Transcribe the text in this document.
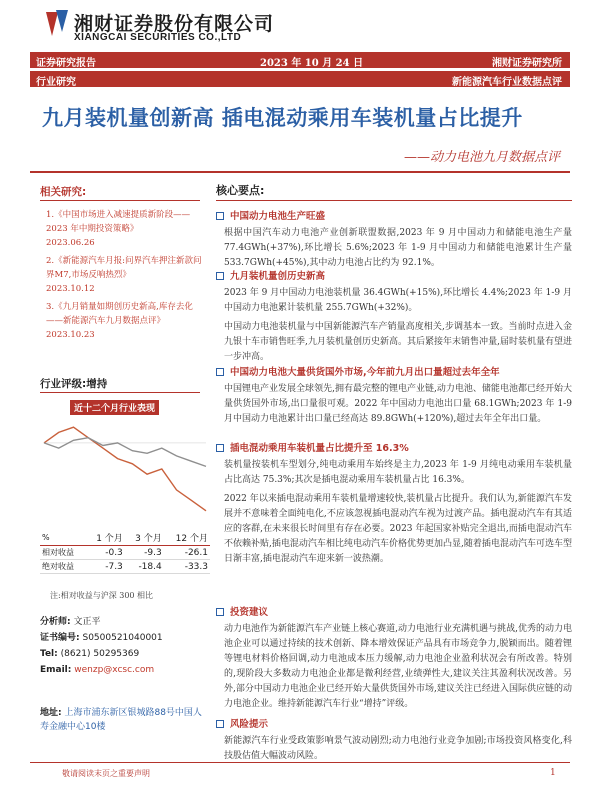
湘财证券股份有限公司
XIANGCAI SECURITIES CO.,LTD
证券研究报告	2023 年 10 月 24 日	湘财证券研究所
行业研究	新能源汽车行业数据点评
九月装机量创新高 插电混动乘用车装机量占比提升
——动力电池九月数据点评
相关研究:
1.《中国市场进入减速提质新阶段——2023 年中期投资策略》
2023.06.26
2.《新能源汽车月报:问界汽车押注新款问界M7,市场反响热烈》
2023.10.12
3.《九月销量如期创历史新高,库存去化——新能源汽车九月数据点评》
2023.10.23
行业评级:增持
近十二个月行业表现
%	1 个月	3 个月	12 个月
相对收益	-0.3	-9.3	-26.1
绝对收益	-7.3	-18.4	-33.3
注:相对收益与沪深 300 相比
分析师: 文正平
证书编号: S0500521040001
Tel: (8621) 50295369
Email: wenzp@xcsc.com
地址: 上海市浦东新区银城路88号中国人寿金融中心10楼
核心要点:
中国动力电池生产旺盛
根据中国汽车动力电池产业创新联盟数据,2023 年 9 月中国动力和储能电池生产量 77.4GWh(+37%),环比增长 5.6%;2023 年 1-9 月中国动力和储能电池累计生产量 533.7GWh(+45%),其中动力电池占比约为 92.1%。
九月装机量创历史新高
2023 年 9 月中国动力电池装机量 36.4GWh(+15%),环比增长 4.4%;2023 年 1-9 月中国动力电池累计装机量 255.7GWh(+32%)。
中国动力电池装机量与中国新能源汽车产销量高度相关,步调基本一致。当前时点进入金九银十车市销售旺季,九月装机量创历史新高。其后紧接年末销售冲量,届时装机量有望进一步冲高。
中国动力电池大量供货国外市场,今年前九月出口量超过去年全年
中国锂电产业发展全球领先,拥有最完整的锂电产业链,动力电池、储能电池都已经开始大量供货国外市场,出口量很可观。2022 年中国动力电池出口量 68.1GWh;2023 年 1-9 月中国动力电池累计出口量已经高达 89.8GWh(+120%),超过去年全年出口量。
插电混动乘用车装机量占比提升至 16.3%
装机量按装机车型划分,纯电动乘用车始终是主力,2023 年 1-9 月纯电动乘用车装机量占比高达 75.3%;其次是插电混动乘用车装机量占比 16.3%。
2022 年以来插电混动乘用车装机量增速较快,装机量占比提升。我们认为,新能源汽车发展并不意味着全面纯电化,不应该忽视插电混动汽车视为过渡产品。插电混动汽车有其适应的客群,在未来很长时间里有存在必要。2023 年起国家补贴完全退出,而插电混动汽车不依赖补贴,插电混动汽车相比纯电动汽车价格优势更加凸显,随着插电混动汽车可选车型日渐丰富,插电混动汽车迎来新一波热潮。
投资建议
动力电池作为新能源汽车产业链上核心赛道,动力电池行业充满机遇与挑战,优秀的动力电池企业可以通过持续的技术创新、降本增效保证产品具有市场竞争力,脱颖而出。随着锂等锂电材料价格回调,动力电池成本压力缓解,动力电池企业盈利状况会有所改善。特别的,现阶段大多数动力电池企业都是微利经营,业绩弹性大,建议关注其盈利状况改善。另外,部分中国动力电池企业已经开始大量供货国外市场,建议关注已经进入国际供应链的动力电池企业。维持新能源汽车行业“增持”评级。
风险提示
新能源汽车行业受政策影响景气波动剧烈;动力电池行业竞争加剧;市场投资风格变化,科技股估值大幅波动风险。
敬请阅读末页之重要声明	1
